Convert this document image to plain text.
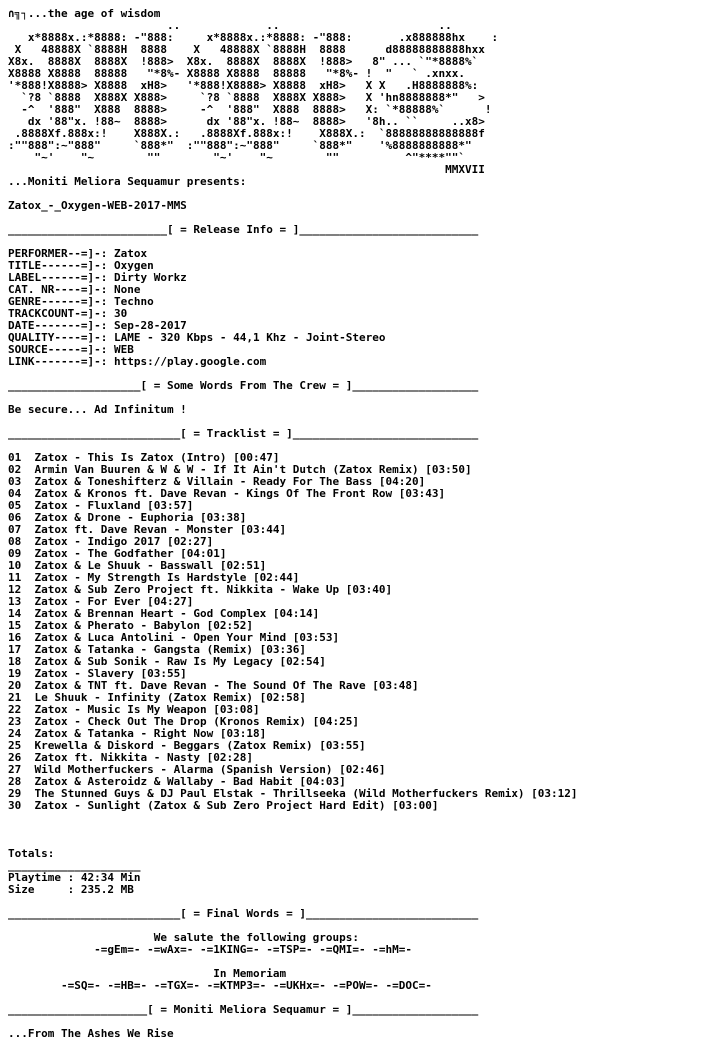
∩╗┐...the age of wisdom
..             ..                        ..
x*8888x.:*8888: -"888:     x*8888x.:*8888: -"888:       .x888888hx    :
X   48888X `8888H  8888    X   48888X `8888H  8888      d88888888888hxx
X8x.  8888X  8888X  !888>  X8x.  8888X  8888X  !888>   8" ... `"*8888%`
X8888 X8888  88888   "*8%- X8888 X8888  88888   "*8%- !  "   ` .xnxx.
'*888!X8888> X8888  xH8>   '*888!X8888> X8888  xH8>   X X   .H8888888%:
`?8 `8888  X888X X888>     `?8 `8888  X888X X888>   X 'hn8888888*"   >
-^  '888"  X888  8888>     -^  '888"  X888  8888>   X: `*88888%`      !
dx '88"x. !88~  8888>      dx '88"x. !88~  8888>   '8h.. ``     ..x8>
.8888Xf.888x:!    X888X.:   .8888Xf.888x:!    X888X.:  `88888888888888f
:""888":~"888"     `888*"  :""888":~"888"     `888*"    '%8888888888*"
"~'    "~        ""        "~'    "~        ""          ^"****""`
MMXVII
...Moniti Meliora Sequamur presents:

Zatox_-_Oxygen-WEB-2017-MMS

________________________[ = Release Info = ]___________________________

PERFORMER--=]-: Zatox
TITLE------=]-: Oxygen
LABEL------=]-: Dirty Workz
CAT. NR----=]-: None
GENRE------=]-: Techno
TRACKCOUNT-=]-: 30
DATE-------=]-: Sep-28-2017
QUALITY----=]-: LAME - 320 Kbps - 44,1 Khz - Joint-Stereo
SOURCE-----=]-: WEB
LINK-------=]-: https://play.google.com

____________________[ = Some Words From The Crew = ]___________________

Be secure... Ad Infinitum !

__________________________[ = Tracklist = ]____________________________

01  Zatox - This Is Zatox (Intro) [00:47]
02  Armin Van Buuren & W & W - If It Ain't Dutch (Zatox Remix) [03:50]
03  Zatox & Toneshifterz & Villain - Ready For The Bass [04:20]
04  Zatox & Kronos ft. Dave Revan - Kings Of The Front Row [03:43]
05  Zatox - Fluxland [03:57]
06  Zatox & Drone - Euphoria [03:38]
07  Zatox ft. Dave Revan - Monster [03:44]
08  Zatox - Indigo 2017 [02:27]
09  Zatox - The Godfather [04:01]
10  Zatox & Le Shuuk - Basswall [02:51]
11  Zatox - My Strength Is Hardstyle [02:44]
12  Zatox & Sub Zero Project ft. Nikkita - Wake Up [03:40]
13  Zatox - For Ever [04:27]
14  Zatox & Brennan Heart - God Complex [04:14]
15  Zatox & Pherato - Babylon [02:52]
16  Zatox & Luca Antolini - Open Your Mind [03:53]
17  Zatox & Tatanka - Gangsta (Remix) [03:36]
18  Zatox & Sub Sonik - Raw Is My Legacy [02:54]
19  Zatox - Slavery [03:55]
20  Zatox & TNT ft. Dave Revan - The Sound Of The Rave [03:48]
21  Le Shuuk - Infinity (Zatox Remix) [02:58]
22  Zatox - Music Is My Weapon [03:08]
23  Zatox - Check Out The Drop (Kronos Remix) [04:25]
24  Zatox & Tatanka - Right Now [03:18]
25  Krewella & Diskord - Beggars (Zatox Remix) [03:55]
26  Zatox ft. Nikkita - Nasty [02:28]
27  Wild Motherfuckers - Alarma (Spanish Version) [02:46]
28  Zatox & Asteroidz & Wallaby - Bad Habit [04:03]
29  The Stunned Guys & DJ Paul Elstak - Thrillseeka (Wild Motherfuckers Remix) [03:12]
30  Zatox - Sunlight (Zatox & Sub Zero Project Hard Edit) [03:00]

Totals:
____________________
Playtime : 42:34 Min
Size     : 235.2 MB

__________________________[ = Final Words = ]__________________________

We salute the following groups:
-=gEm=- -=wAx=- -=1KING=- -=TSP=- -=QMI=- -=hM=-

In Memoriam
-=SQ=- -=HB=- -=TGX=- -=KTMP3=- -=UKHx=- -=POW=- -=DOC=-

_____________________[ = Moniti Meliora Sequamur = ]___________________

...From The Ashes We Rise
